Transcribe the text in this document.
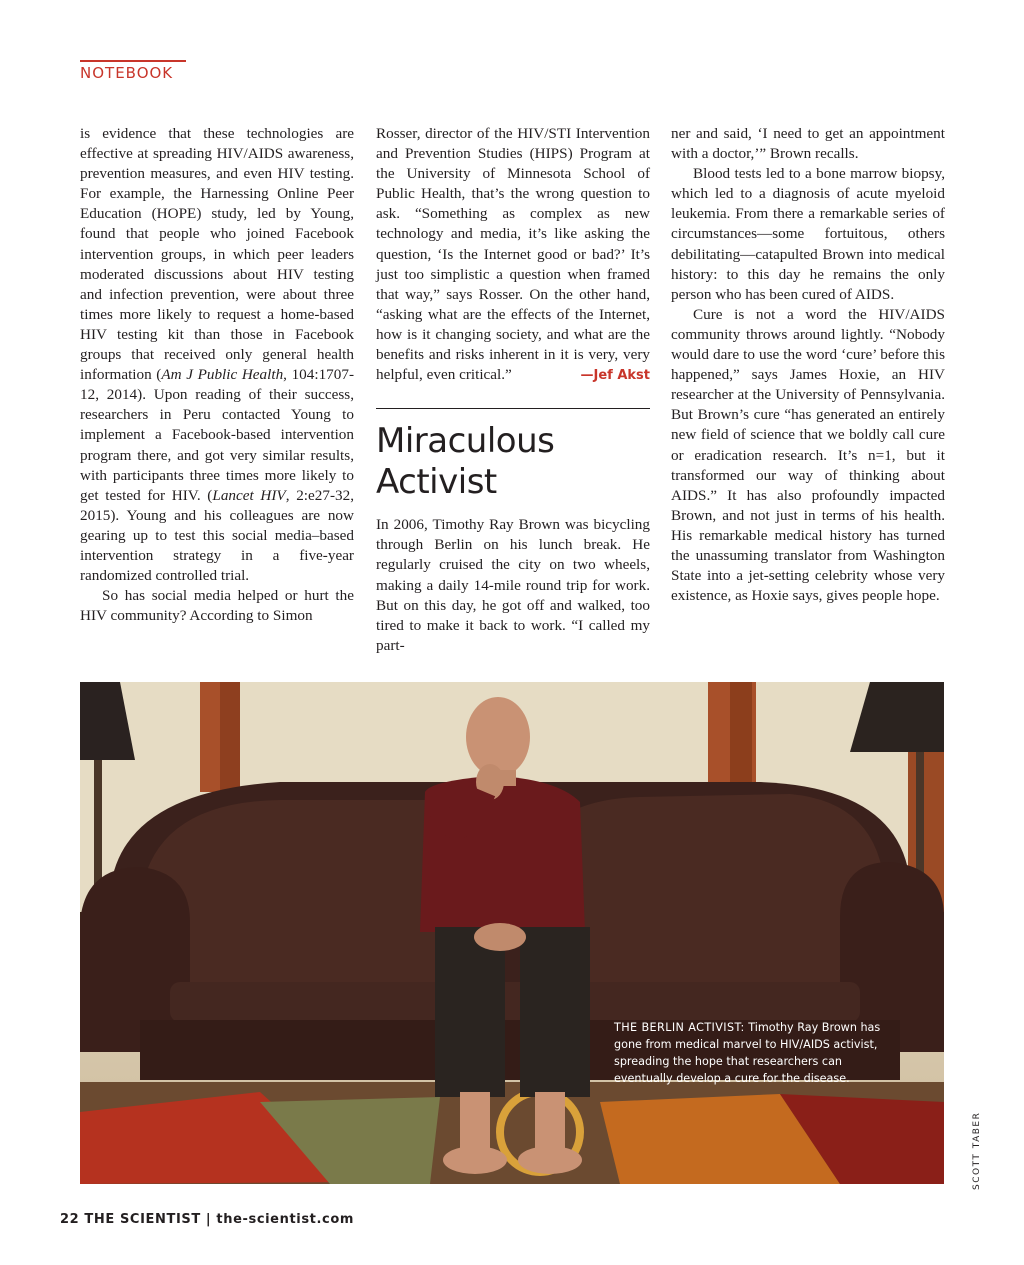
NOTEBOOK

is evidence that these technologies are effective at spreading HIV/AIDS awareness, prevention measures, and even HIV testing. For example, the Harnessing Online Peer Education (HOPE) study, led by Young, found that people who joined Facebook intervention groups, in which peer leaders moderated discussions about HIV testing and infection prevention, were about three times more likely to request a home-based HIV testing kit than those in Facebook groups that received only general health information (Am J Public Health, 104:1707-12, 2014). Upon reading of their success, researchers in Peru contacted Young to implement a Facebook-based intervention program there, and got very similar results, with participants three times more likely to get tested for HIV. (Lancet HIV, 2:e27-32, 2015). Young and his colleagues are now gearing up to test this social media–based intervention strategy in a five-year randomized controlled trial.

So has social media helped or hurt the HIV community? According to Simon

Rosser, director of the HIV/STI Intervention and Prevention Studies (HIPS) Program at the University of Minnesota School of Public Health, that’s the wrong question to ask. “Something as complex as new technology and media, it’s like asking the question, ‘Is the Internet good or bad?’ It’s just too simplistic a question when framed that way,” says Rosser. On the other hand, “asking what are the effects of the Internet, how is it changing society, and what are the benefits and risks inherent in it is very, very helpful, even critical.”	—Jef Akst

Miraculous
Activist

In 2006, Timothy Ray Brown was bicycling through Berlin on his lunch break. He regularly cruised the city on two wheels, making a daily 14-mile round trip for work. But on this day, he got off and walked, too tired to make it back to work. “I called my part-

ner and said, ‘I need to get an appointment with a doctor,’” Brown recalls.

Blood tests led to a bone marrow biopsy, which led to a diagnosis of acute myeloid leukemia. From there a remarkable series of circumstances—some fortuitous, others debilitating—catapulted Brown into medical history: to this day he remains the only person who has been cured of AIDS.

Cure is not a word the HIV/AIDS community throws around lightly. “Nobody would dare to use the word ‘cure’ before this happened,” says James Hoxie, an HIV researcher at the University of Pennsylvania. But Brown’s cure “has generated an entirely new field of science that we boldly call cure or eradication research. It’s n=1, but it transformed our way of thinking about AIDS.” It has also profoundly impacted Brown, and not just in terms of his health. His remarkable medical history has turned the unassuming translator from Washington State into a jet-setting celebrity whose very existence, as Hoxie says, gives people hope.

THE BERLIN ACTIVIST: Timothy Ray Brown has gone from medical marvel to HIV/AIDS activist, spreading the hope that researchers can eventually develop a cure for the disease.
SCOTT TABER
22 THE SCIENTIST | the-scientist.com
